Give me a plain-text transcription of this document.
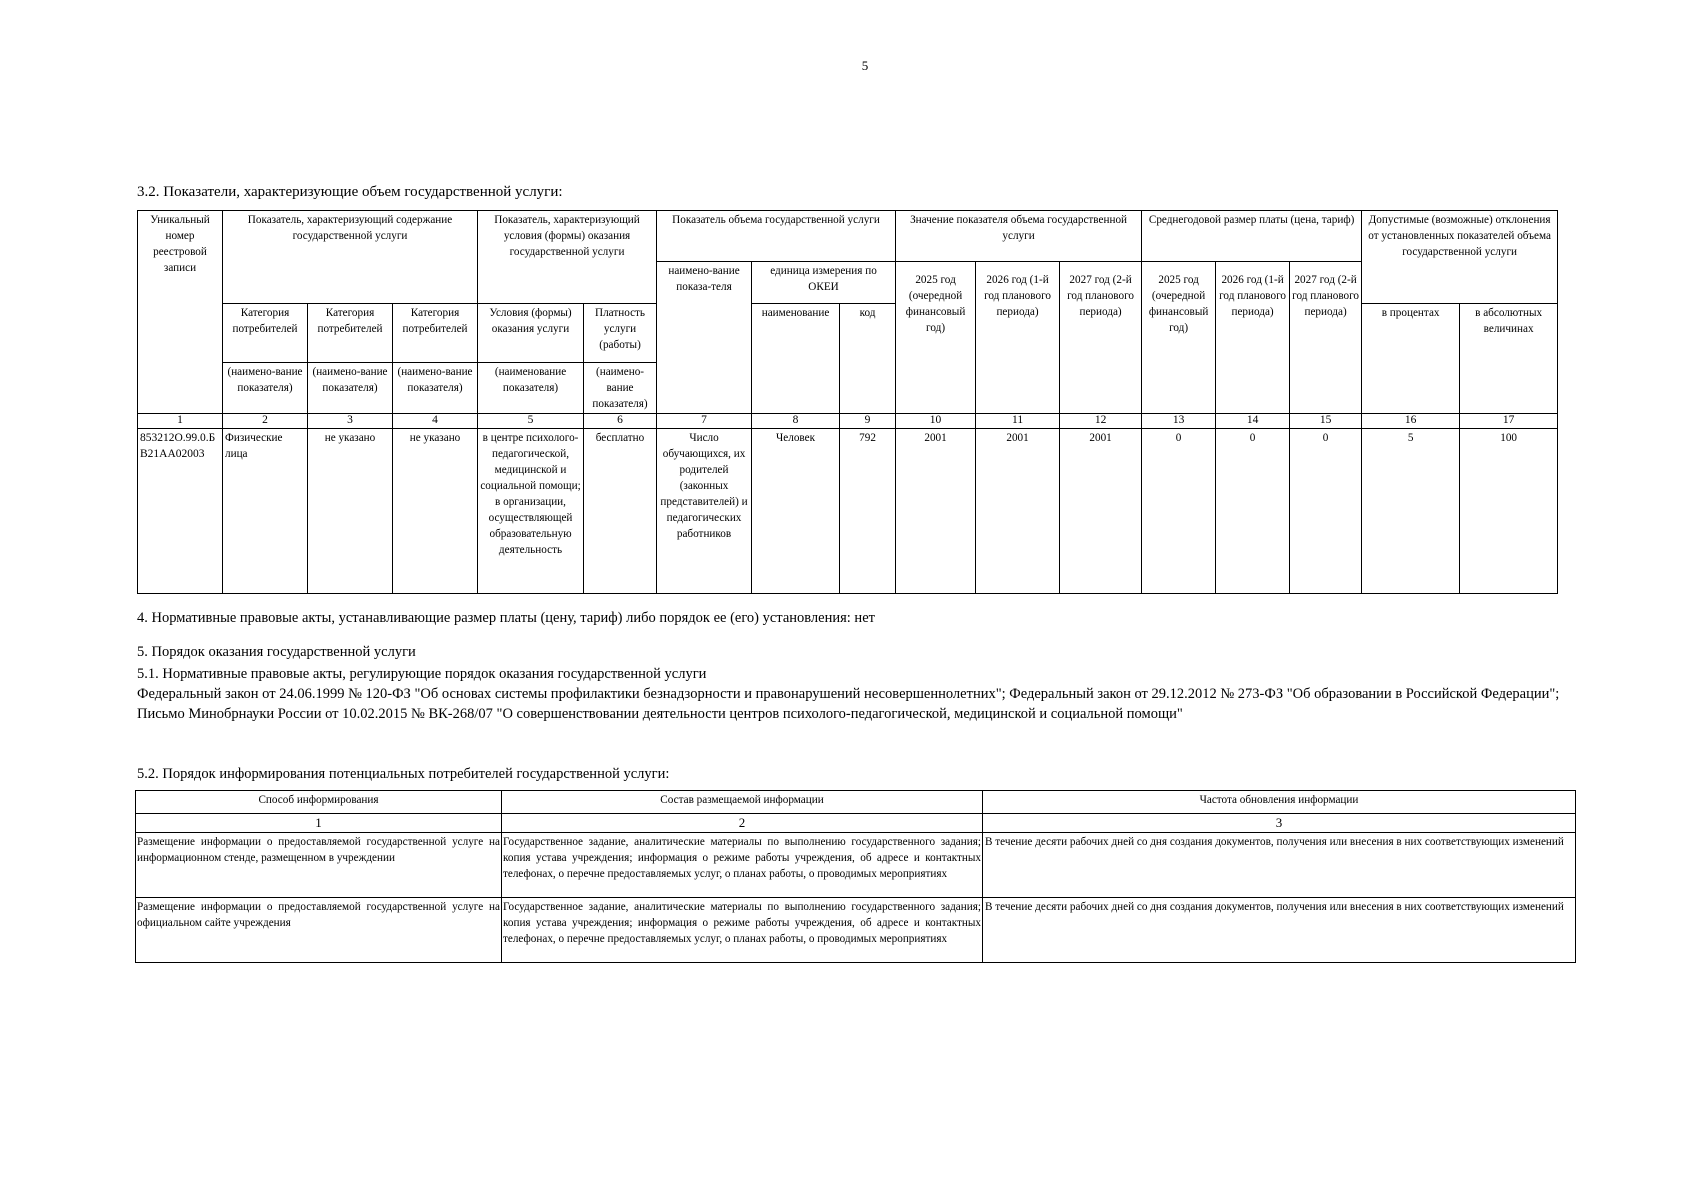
5
3.2. Показатели, характеризующие объем государственной услуги:
Уникальный номер реестровой записи	Показатель, характеризующий содержание государственной услуги			Показатель, характеризующий условия (формы) оказания государственной услуги		Показатель объема государственной услуги			Значение показателя объема государственной услуги			Среднегодовой размер платы (цена, тариф)			Допустимые (возможные) отклонения от установленных показателей объема государственной услуги	
						наимено-вание показа-теля	единица измерения по ОКЕИ		2025 год (очередной финансовый год)	2026 год (1-й год планового периода)	2027 год (2-й год планового периода)	2025 год (очередной финансовый год)	2026 год (1-й год планового периода)	2027 год (2-й год планового периода)		
	Категория потребителей	Категория потребителей	Категория потребителей	Условия (формы) оказания услуги	Платность услуги (работы)		наименование	код							в процентах	в абсолютных величинах
	(наимено-вание показателя)	(наимено-вание показателя)	(наимено-вание показателя)	(наименование показателя)	(наимено-вание показателя)											
1	2	3	4	5	6	7	8	9	10	11	12	13	14	15	16	17
853212О.99.0.БВ21АА02003	Физические лица	не указано	не указано	в центре психолого-педагогической, медицинской и социальной помощи; в организации, осуществляющей образовательную деятельность	бесплатно	Число обучающихся, их родителей (законных представителей) и педагогических работников	Человек	792	2001	2001	2001	0	0	0	5	100
4. Нормативные правовые акты, устанавливающие размер платы (цену, тариф) либо порядок ее (его) установления: нет
5. Порядок оказания государственной услуги
5.1. Нормативные правовые акты, регулирующие порядок оказания государственной услуги
Федеральный закон от 24.06.1999 № 120-ФЗ "Об основах системы профилактики безнадзорности и правонарушений несовершеннолетних"; Федеральный закон от 29.12.2012 № 273-ФЗ "Об образовании в Российской Федерации"; Письмо Минобрнауки России от 10.02.2015 № ВК-268/07 "О совершенствовании деятельности центров психолого-педагогической, медицинской и социальной помощи"
5.2. Порядок информирования потенциальных потребителей государственной услуги:
Способ информирования	Состав размещаемой информации	Частота обновления информации
1	2	3
Размещение информации о предоставляемой государственной услуге на информационном стенде, размещенном в учреждении	Государственное задание, аналитические материалы по выполнению государственного задания; копия устава учреждения; информация о режиме работы учреждения, об адресе и контактных телефонах, о перечне предоставляемых услуг, о планах работы, о проводимых мероприятиях	В течение десяти рабочих дней со дня создания документов, получения или внесения в них соответствующих изменений
Размещение информации о предоставляемой государственной услуге на официальном сайте учреждения	Государственное задание, аналитические материалы по выполнению государственного задания; копия устава учреждения; информация о режиме работы учреждения, об адресе и контактных телефонах, о перечне предоставляемых услуг, о планах работы, о проводимых мероприятиях	В течение десяти рабочих дней со дня создания документов, получения или внесения в них соответствующих изменений
